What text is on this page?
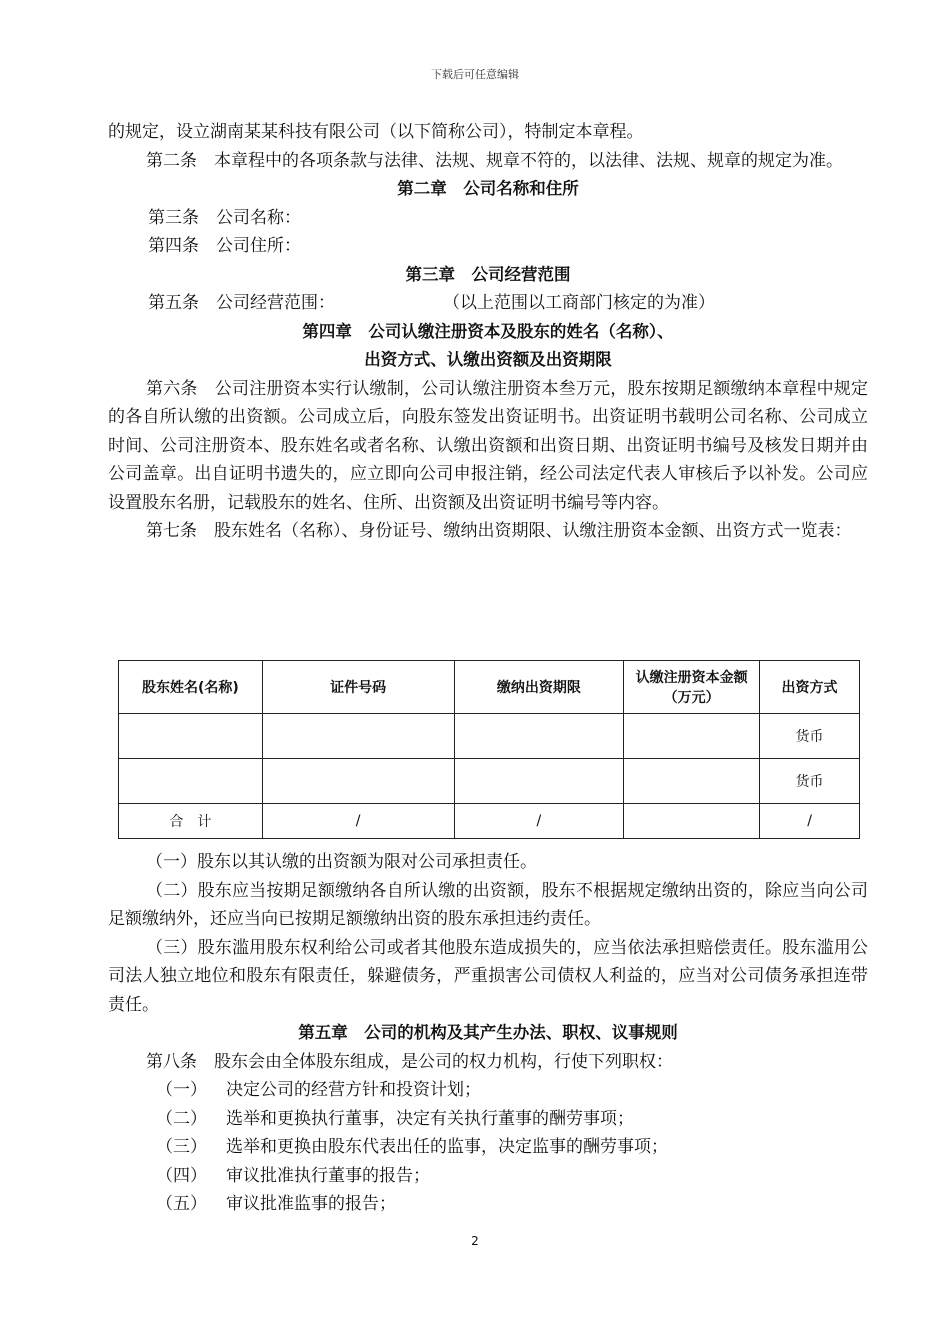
下载后可任意编辑

的规定，设立湖南某某科技有限公司（以下简称公司），特制定本章程。

第二条　本章程中的各项条款与法律、法规、规章不符的，以法律、法规、规章的规定为准。

第二章　公司名称和住所

第三条　公司名称：

第四条　公司住所：

第三章　公司经营范围

第五条　公司经营范围：	（以上范围以工商部门核定的为准）

第四章　公司认缴注册资本及股东的姓名（名称）、

出资方式、认缴出资额及出资期限

第六条　公司注册资本实行认缴制，公司认缴注册资本叁万元，股东按期足额缴纳本章程中规定的各自所认缴的出资额。公司成立后，向股东签发出资证明书。出资证明书载明公司名称、公司成立时间、公司注册资本、股东姓名或者名称、认缴出资额和出资日期、出资证明书编号及核发日期并由公司盖章。出自证明书遗失的，应立即向公司申报注销，经公司法定代表人审核后予以补发。公司应设置股东名册，记载股东的姓名、住所、出资额及出资证明书编号等内容。

第七条　股东姓名（名称）、身份证号、缴纳出资期限、认缴注册资本金额、出资方式一览表：

股东姓名(名称)	证件号码	缴纳出资期限	认缴注册资本金额（万元）	出资方式
				货币
				货币
合　计	/	/		/

（一）股东以其认缴的出资额为限对公司承担责任。

（二）股东应当按期足额缴纳各自所认缴的出资额，股东不根据规定缴纳出资的，除应当向公司足额缴纳外，还应当向已按期足额缴纳出资的股东承担违约责任。

（三）股东滥用股东权利给公司或者其他股东造成损失的，应当依法承担赔偿责任。股东滥用公司法人独立地位和股东有限责任，躲避债务，严重损害公司债权人利益的，应当对公司债务承担连带责任。

第五章　公司的机构及其产生办法、职权、议事规则

第八条　股东会由全体股东组成，是公司的权力机构，行使下列职权：

（一） 决定公司的经营方针和投资计划；

（二） 选举和更换执行董事，决定有关执行董事的酬劳事项；

（三） 选举和更换由股东代表出任的监事，决定监事的酬劳事项；

（四） 审议批准执行董事的报告；

（五） 审议批准监事的报告；

2
